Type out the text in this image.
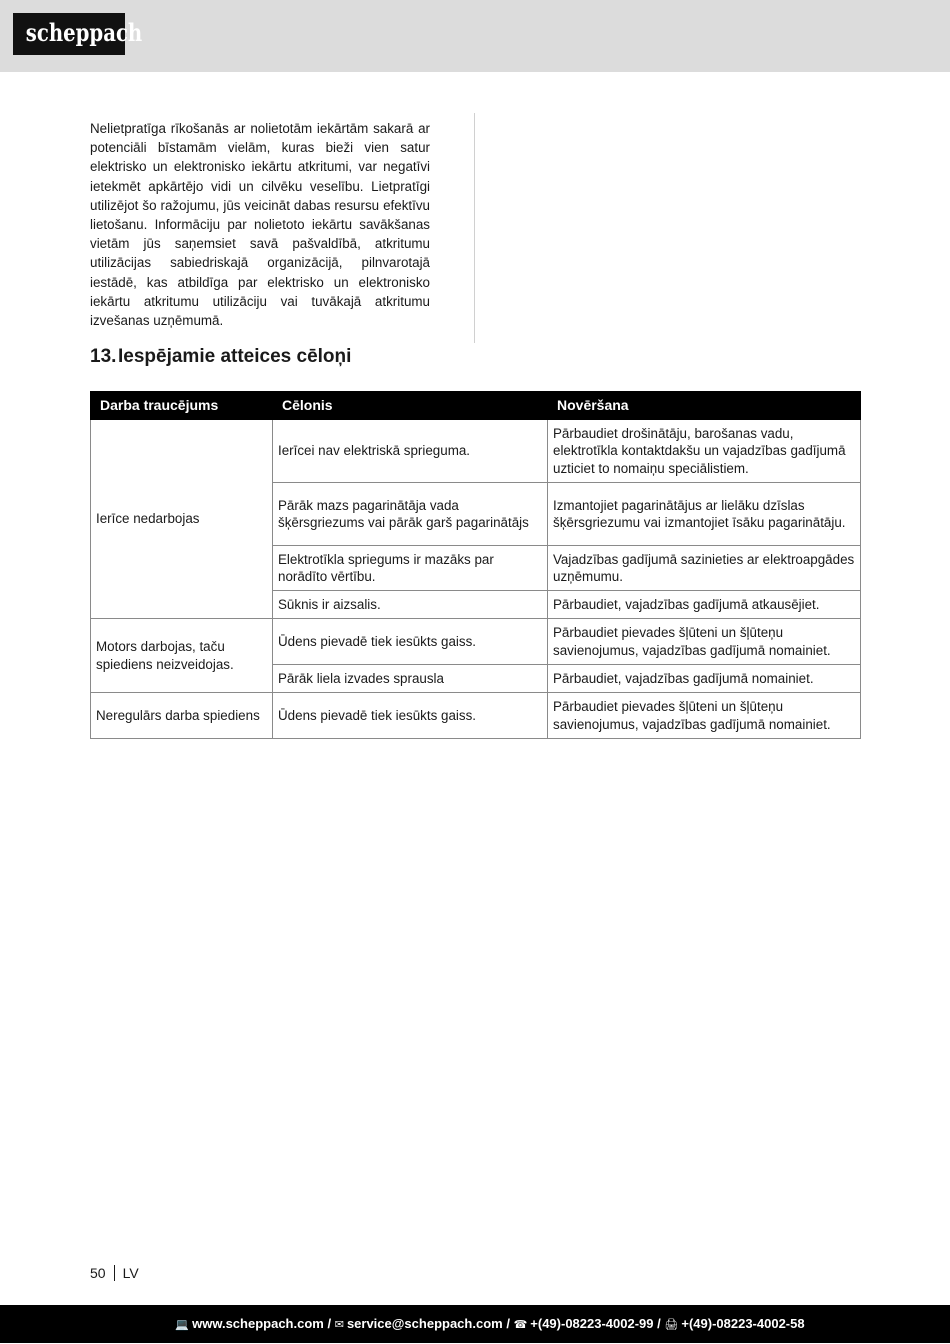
scheppach

Nelietpratīga rīkošanās ar nolietotām iekārtām sakarā ar potenciāli bīstamām vielām, kuras bieži vien satur elektrisko un elektronisko iekārtu atkritumi, var negatīvi ietekmēt apkārtējo vidi un cilvēku veselību. Lietpratīgi utilizējot šo ražojumu, jūs veicināt dabas resursu efektīvu lietošanu. Informāciju par nolietoto iekārtu savākšanas vietām jūs saņemsiet savā pašvaldībā, atkritumu utilizācijas sabiedriskajā organizācijā, pilnvarotajā iestādē, kas atbildīga par elektrisko un elektronisko iekārtu atkritumu utilizāciju vai tuvākajā atkritumu izvešanas uzņēmumā.

13.Iespējamie atteices cēloņi
Darba traucējums	Cēlonis	Novēršana
Ierīce nedarbojas	Ierīcei nav elektriskā sprieguma.	Pārbaudiet drošinātāju, barošanas vadu, elektrotīkla kontaktdakšu un vajadzības gadījumā uzticiet to nomaiņu speciālistiem.
	Pārāk mazs pagarinātāja vada šķērsgriezums vai pārāk garš pagarinātājs	Izmantojiet pagarinātājus ar lielāku dzīslas šķērsgriezumu vai izmantojiet īsāku pagarinātāju.
	Elektrotīkla spriegums ir mazāks par norādīto vērtību.	Vajadzības gadījumā sazinieties ar elektroapgādes uzņēmumu.
	Sūknis ir aizsalis.	Pārbaudiet, vajadzības gadījumā atkausējiet.
Motors darbojas, taču spiediens neizveidojas.	Ūdens pievadē tiek iesūkts gaiss.	Pārbaudiet pievades šļūteni un šļūteņu savienojumus, vajadzības gadījumā nomainiet.
	Pārāk liela izvades sprausla	Pārbaudiet, vajadzības gadījumā nomainiet.
Neregulārs darba spiediens	Ūdens pievadē tiek iesūkts gaiss.	Pārbaudiet pievades šļūteni un šļūteņu savienojumus, vajadzības gadījumā nomainiet.
50 LV
💻 www.scheppach.com / ✉ service@scheppach.com / ☎ +(49)-08223-4002-99 / 🖨 +(49)-08223-4002-58
